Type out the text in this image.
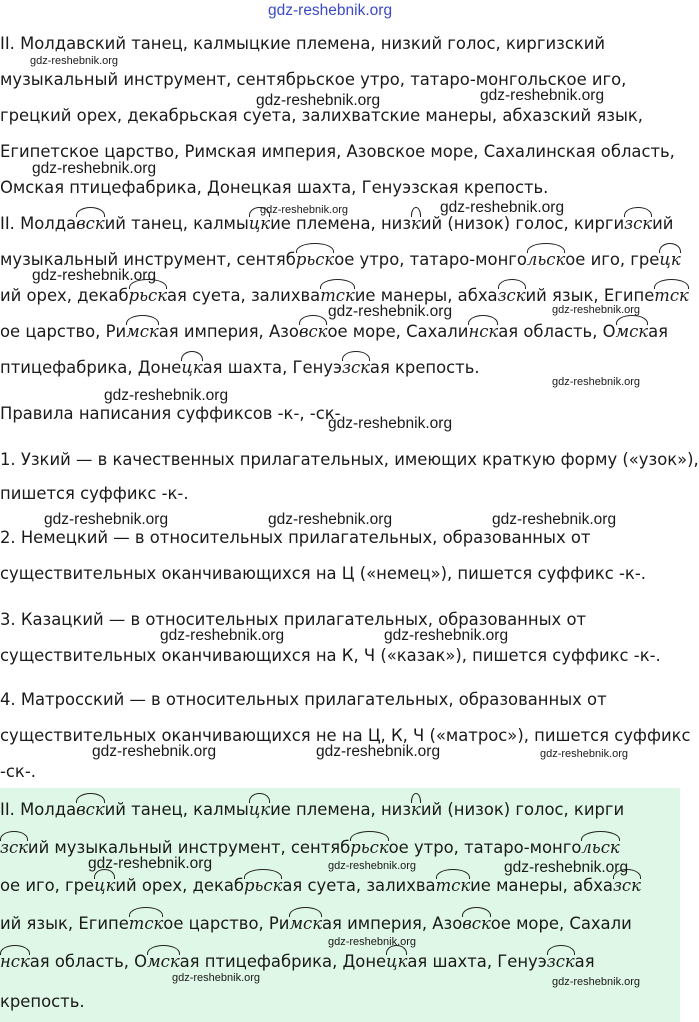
gdz-reshebnik.org
II. Молдавский танец, калмыцкие племена, низкий голос, киргизский
музыкальный инструмент, сентябрьское утро, татаро-монгольское иго,
грецкий орех, декабрьская суета, залихватские манеры, абхазский язык,
Египетское царство, Римская империя, Азовское море, Сахалинская область,
Омская птицефабрика, Донецкая шахта, Генуэзская крепость.
II. Молдавский танец, калмыцкие племена, низкий (низок) голос, киргизский
музыкальный инструмент, сентябрьское утро, татаро-монгольское иго, грецк
ий орех, декабрьская суета, залихватские манеры, абхазский язык, Египетск
ое царство, Римская империя, Азовское море, Сахалинская область, Омская
птицефабрика, Донецкая шахта, Генуэзская крепость.
Правила написания суффиксов -к-, -ск-
1. Узкий — в качественных прилагательных, имеющих краткую форму («узок»),
пишется суффикс -к-.
2. Немецкий — в относительных прилагательных, образованных от
существительных оканчивающихся на Ц («немец»), пишется суффикс -к-.
3. Казацкий — в относительных прилагательных, образованных от
существительных оканчивающихся на К, Ч («казак»), пишется суффикс -к-.
4. Матросский — в относительных прилагательных, образованных от
существительных оканчивающихся не на Ц, К, Ч («матрос»), пишется суффикс
-ск-.
II. Молдавский танец, калмыцкие племена, низкий (низок) голос, кирги
зский музыкальный инструмент, сентябрьское утро, татаро-монгольск
ое иго, грецкий орех, декабрьская суета, залихватские манеры, абхазск
ий язык, Египетское царство, Римская империя, Азовское море, Сахали
нская область, Омская птицефабрика, Донецкая шахта, Генуэзская
крепость.
gdz-reshebnik.org
gdz-reshebnik.org	gdz-reshebnik.org
gdz-reshebnik.org
gdz-reshebnik.org	gdz-reshebnik.org
gdz-reshebnik.org
gdz-reshebnik.org	gdz-reshebnik.org
gdz-reshebnik.org
gdz-reshebnik.org
gdz-reshebnik.org
gdz-reshebnik.org	gdz-reshebnik.org	gdz-reshebnik.org
gdz-reshebnik.org	gdz-reshebnik.org
gdz-reshebnik.org	gdz-reshebnik.org	gdz-reshebnik.org
gdz-reshebnik.org	gdz-reshebnik.org	gdz-reshebnik.org
gdz-reshebnik.org
gdz-reshebnik.org	gdz-reshebnik.org
